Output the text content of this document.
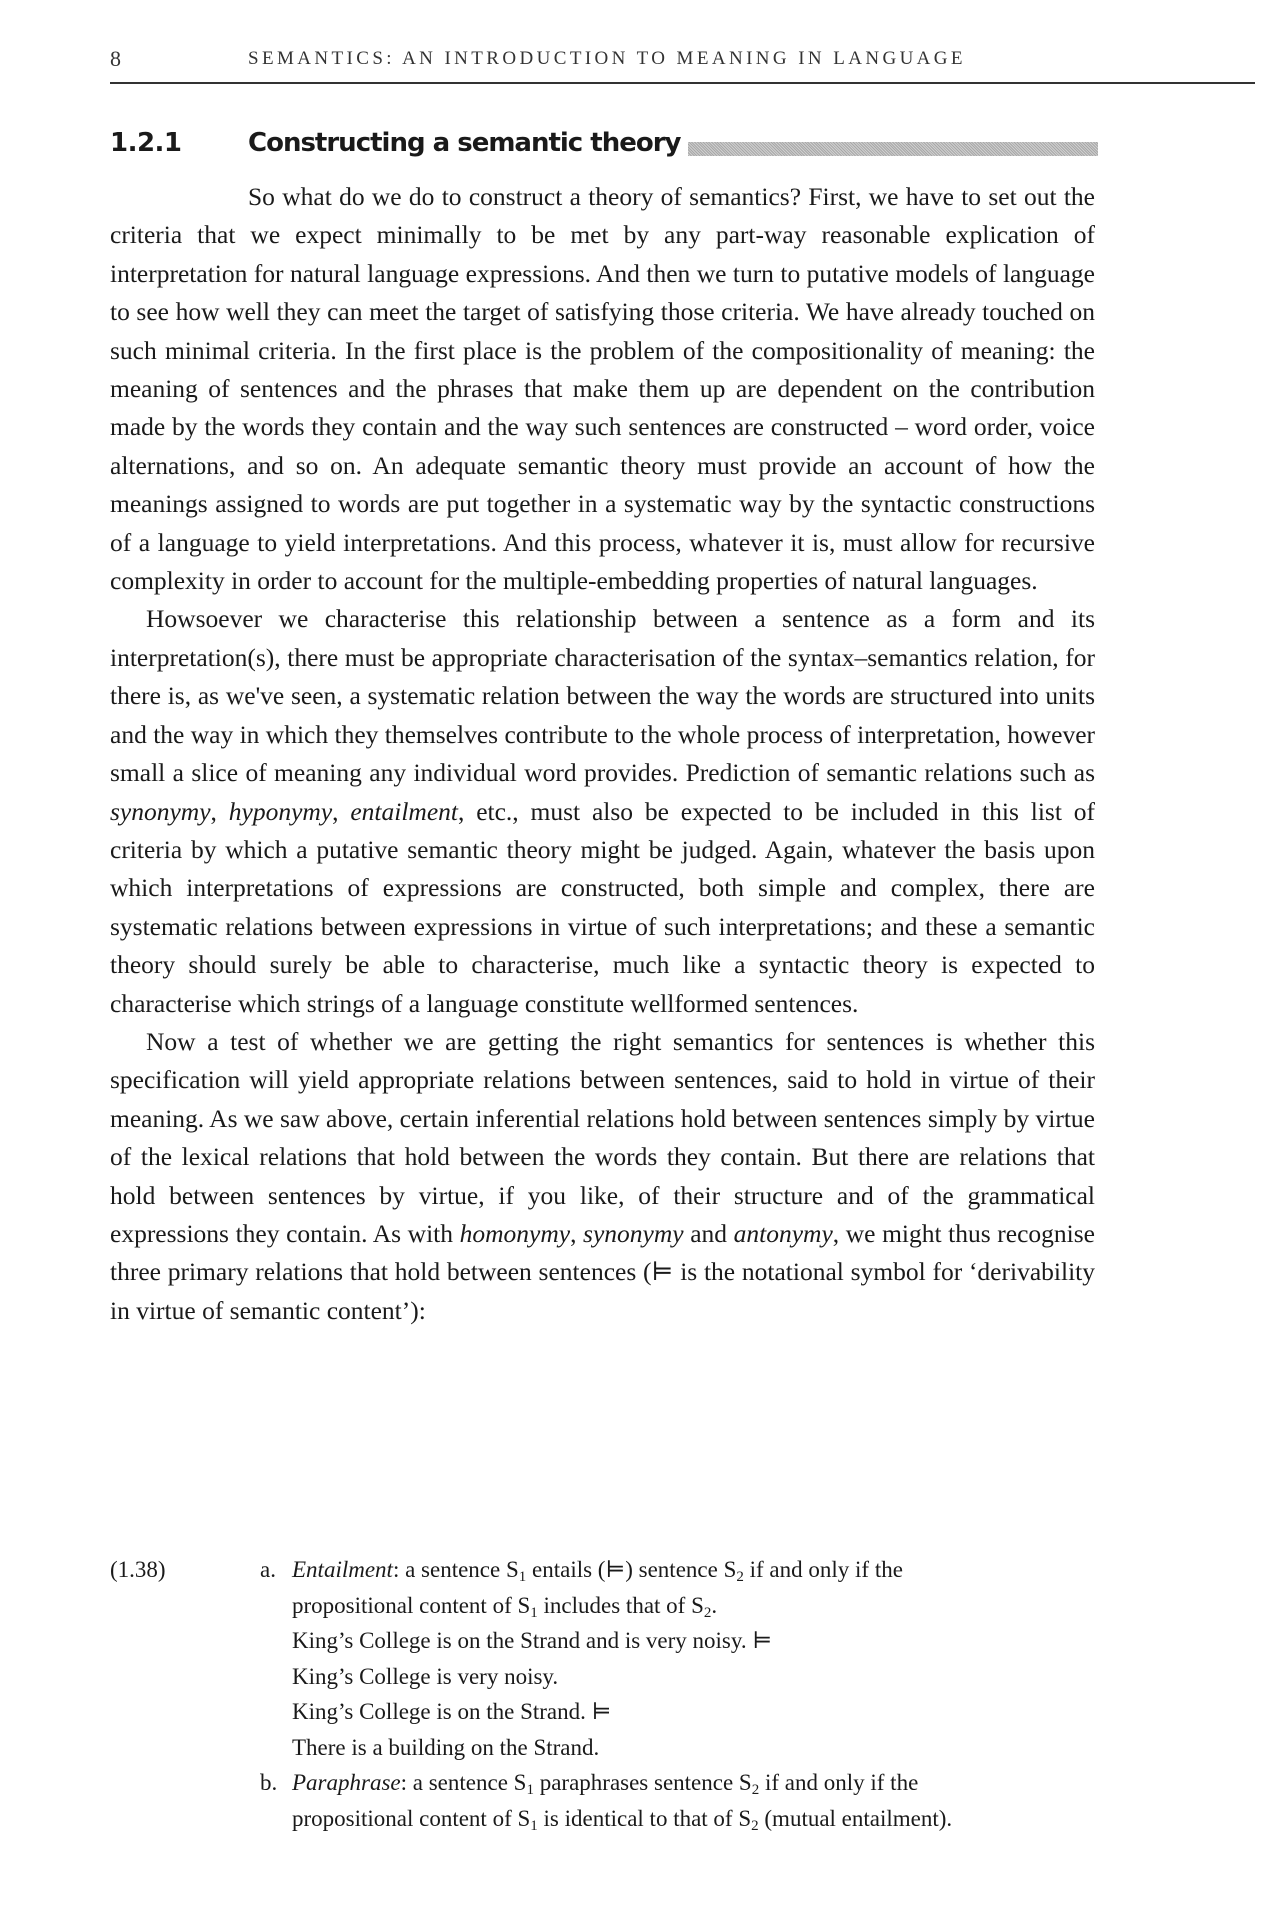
8	SEMANTICS: AN INTRODUCTION TO MEANING IN LANGUAGE
1.2.1	Constructing a semantic theory

So what do we do to construct a theory of semantics? First, we have to set out the criteria that we expect minimally to be met by any part-way reasonable explication of interpretation for natural language expressions. And then we turn to putative models of language to see how well they can meet the target of satisfying those criteria. We have already touched on such minimal criteria. In the first place is the problem of the compositionality of meaning: the meaning of sentences and the phrases that make them up are dependent on the contribution made by the words they contain and the way such sentences are constructed – word order, voice alternations, and so on. An adequate semantic theory must provide an account of how the meanings assigned to words are put together in a systematic way by the syntactic constructions of a language to yield interpretations. And this process, whatever it is, must allow for recursive complexity in order to account for the multiple-embedding properties of natural languages.

Howsoever we characterise this relationship between a sentence as a form and its interpretation(s), there must be appropriate characterisation of the syntax–semantics relation, for there is, as we've seen, a systematic relation between the way the words are structured into units and the way in which they themselves contribute to the whole process of interpretation, however small a slice of meaning any individual word provides. Prediction of semantic relations such as synonymy, hyponymy, entailment, etc., must also be expected to be included in this list of criteria by which a putative semantic theory might be judged. Again, whatever the basis upon which interpretations of expressions are constructed, both simple and complex, there are systematic relations between expressions in virtue of such interpretations; and these a semantic theory should surely be able to characterise, much like a syntactic theory is expected to characterise which strings of a language constitute wellformed sentences.

Now a test of whether we are getting the right semantics for sentences is whether this specification will yield appropriate relations between sentences, said to hold in virtue of their meaning. As we saw above, certain inferential relations hold between sentences simply by virtue of the lexical relations that hold between the words they contain. But there are relations that hold between sentences by virtue, if you like, of their structure and of the grammatical expressions they contain. As with homonymy, synonymy and antonymy, we might thus recognise three primary relations that hold between sentences (⊨ is the notational symbol for ‘derivability in virtue of semantic content’):

(1.38)	a. Entailment: a sentence $S_1$ entails (⊨) sentence $S_2$ if and only if the
propositional content of $S_1$ includes that of $S_2$.
King’s College is on the Strand and is very noisy. ⊨
King’s College is very noisy.
King’s College is on the Strand. ⊨
There is a building on the Strand.
b. Paraphrase: a sentence $S_1$ paraphrases sentence $S_2$ if and only if the
propositional content of $S_1$ is identical to that of $S_2$ (mutual entailment).
